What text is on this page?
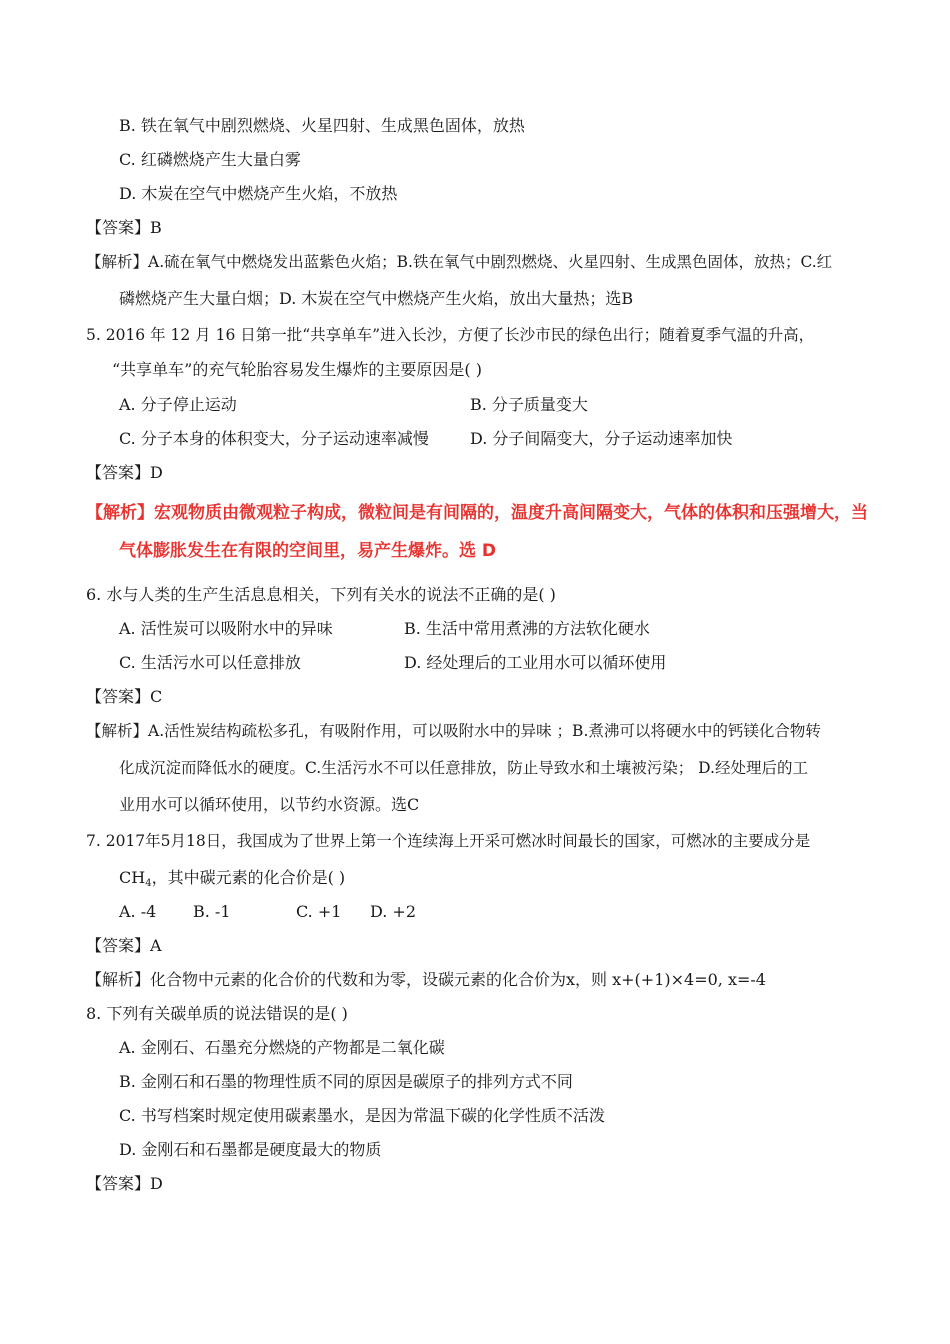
B. 铁在氧气中剧烈燃烧、火星四射、生成黑色固体，放热
C. 红磷燃烧产生大量白雾
D. 木炭在空气中燃烧产生火焰，不放热
【答案】B
【解析】A.硫在氧气中燃烧发出蓝紫色火焰；B.铁在氧气中剧烈燃烧、火星四射、生成黑色固体，放热；C.红
磷燃烧产生大量白烟；D. 木炭在空气中燃烧产生火焰，放出大量热；选B
5. 2016 年 12 月 16 日第一批“共享单车”进入长沙，方便了长沙市民的绿色出行；随着夏季气温的升高，
“共享单车”的充气轮胎容易发生爆炸的主要原因是( )
A. 分子停止运动	B. 分子质量变大
C. 分子本身的体积变大，分子运动速率减慢	D. 分子间隔变大，分子运动速率加快
【答案】D
【解析】宏观物质由微观粒子构成，微粒间是有间隔的，温度升高间隔变大，气体的体积和压强增大，当
气体膨胀发生在有限的空间里，易产生爆炸。选 D
6. 水与人类的生产生活息息相关，下列有关水的说法不正确的是( )
A. 活性炭可以吸附水中的异味	B. 生活中常用煮沸的方法软化硬水
C. 生活污水可以任意排放	D. 经处理后的工业用水可以循环使用
【答案】C
【解析】A.活性炭结构疏松多孔，有吸附作用，可以吸附水中的异味 ；B.煮沸可以将硬水中的钙镁化合物转
化成沉淀而降低水的硬度。C.生活污水不可以任意排放，防止导致水和土壤被污染； D.经处理后的工
业用水可以循环使用，以节约水资源。选C
7. 2017年5月18日，我国成为了世界上第一个连续海上开采可燃冰时间最长的国家，可燃冰的主要成分是
$CH_4$，其中碳元素的化合价是( )
A. -4 B. -1	C. +1 D. +2
【答案】A
【解析】化合物中元素的化合价的代数和为零，设碳元素的化合价为x，则 x+(+1)×4=0, x=-4
8. 下列有关碳单质的说法错误的是( )
A. 金刚石、石墨充分燃烧的产物都是二氧化碳
B. 金刚石和石墨的物理性质不同的原因是碳原子的排列方式不同
C. 书写档案时规定使用碳素墨水，是因为常温下碳的化学性质不活泼
D. 金刚石和石墨都是硬度最大的物质
【答案】D
